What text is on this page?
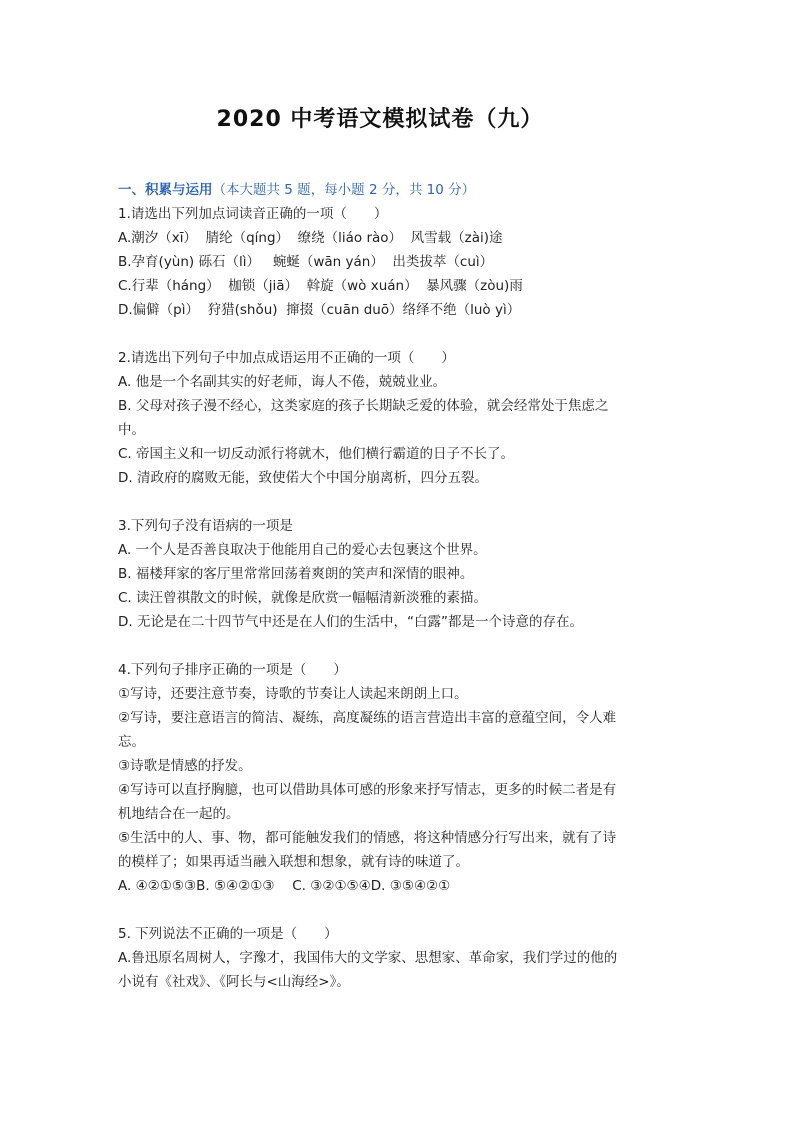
2020 中考语文模拟试卷（九）
一、积累与运用（本大题共 5 题，每小题 2 分，共 10 分）
1.请选出下列加点词读音正确的一项（　　）
A.潮汐（xī）  腈纶（qíng）  缭绕（liáo rào）  风雪载（zài)途
B.孕育(yùn) 砾石（lì）   蜿蜒（wān yán）  出类拔萃（cuì）
C.行辈（háng）  枷锁（jiā）  斡旋（wò xuán）  暴风骤（zòu)雨
D.偏僻（pì）  狩猎(shǒu)  撺掇（cuān duō）络绎不绝（luò yì）
2.请选出下列句子中加点成语运用不正确的一项（　　）
A. 他是一个名副其实的好老师，诲人不倦，兢兢业业。
B. 父母对孩子漫不经心，这类家庭的孩子长期缺乏爱的体验，就会经常处于焦虑之
中。
C. 帝国主义和一切反动派行将就木，他们横行霸道的日子不长了。
D. 清政府的腐败无能，致使偌大个中国分崩离析，四分五裂。
3.下列句子没有语病的一项是
A. 一个人是否善良取决于他能用自己的爱心去包裹这个世界。
B. 福楼拜家的客厅里常常回荡着爽朗的笑声和深情的眼神。
C. 读汪曾祺散文的时候，就像是欣赏一幅幅清新淡雅的素描。
D. 无论是在二十四节气中还是在人们的生活中，“白露”都是一个诗意的存在。
4.下列句子排序正确的一项是（　　）
①写诗，还要注意节奏，诗歌的节奏让人读起来朗朗上口。
②写诗，要注意语言的简洁、凝练，高度凝练的语言营造出丰富的意蕴空间，令人难
忘。
③诗歌是情感的抒发。
④写诗可以直抒胸臆，也可以借助具体可感的形象来抒写情志，更多的时候二者是有
机地结合在一起的。
⑤生活中的人、事、物，都可能触发我们的情感，将这种情感分行写出来，就有了诗
的模样了；如果再适当融入联想和想象，就有诗的味道了。
A. ④②①⑤③B. ⑤④②①③　 C. ③②①⑤④D. ③⑤④②①
5. 下列说法不正确的一项是（　　）
A.鲁迅原名周树人，字豫才，我国伟大的文学家、思想家、革命家，我们学过的他的
小说有《社戏》、《阿长与<山海经>》。
